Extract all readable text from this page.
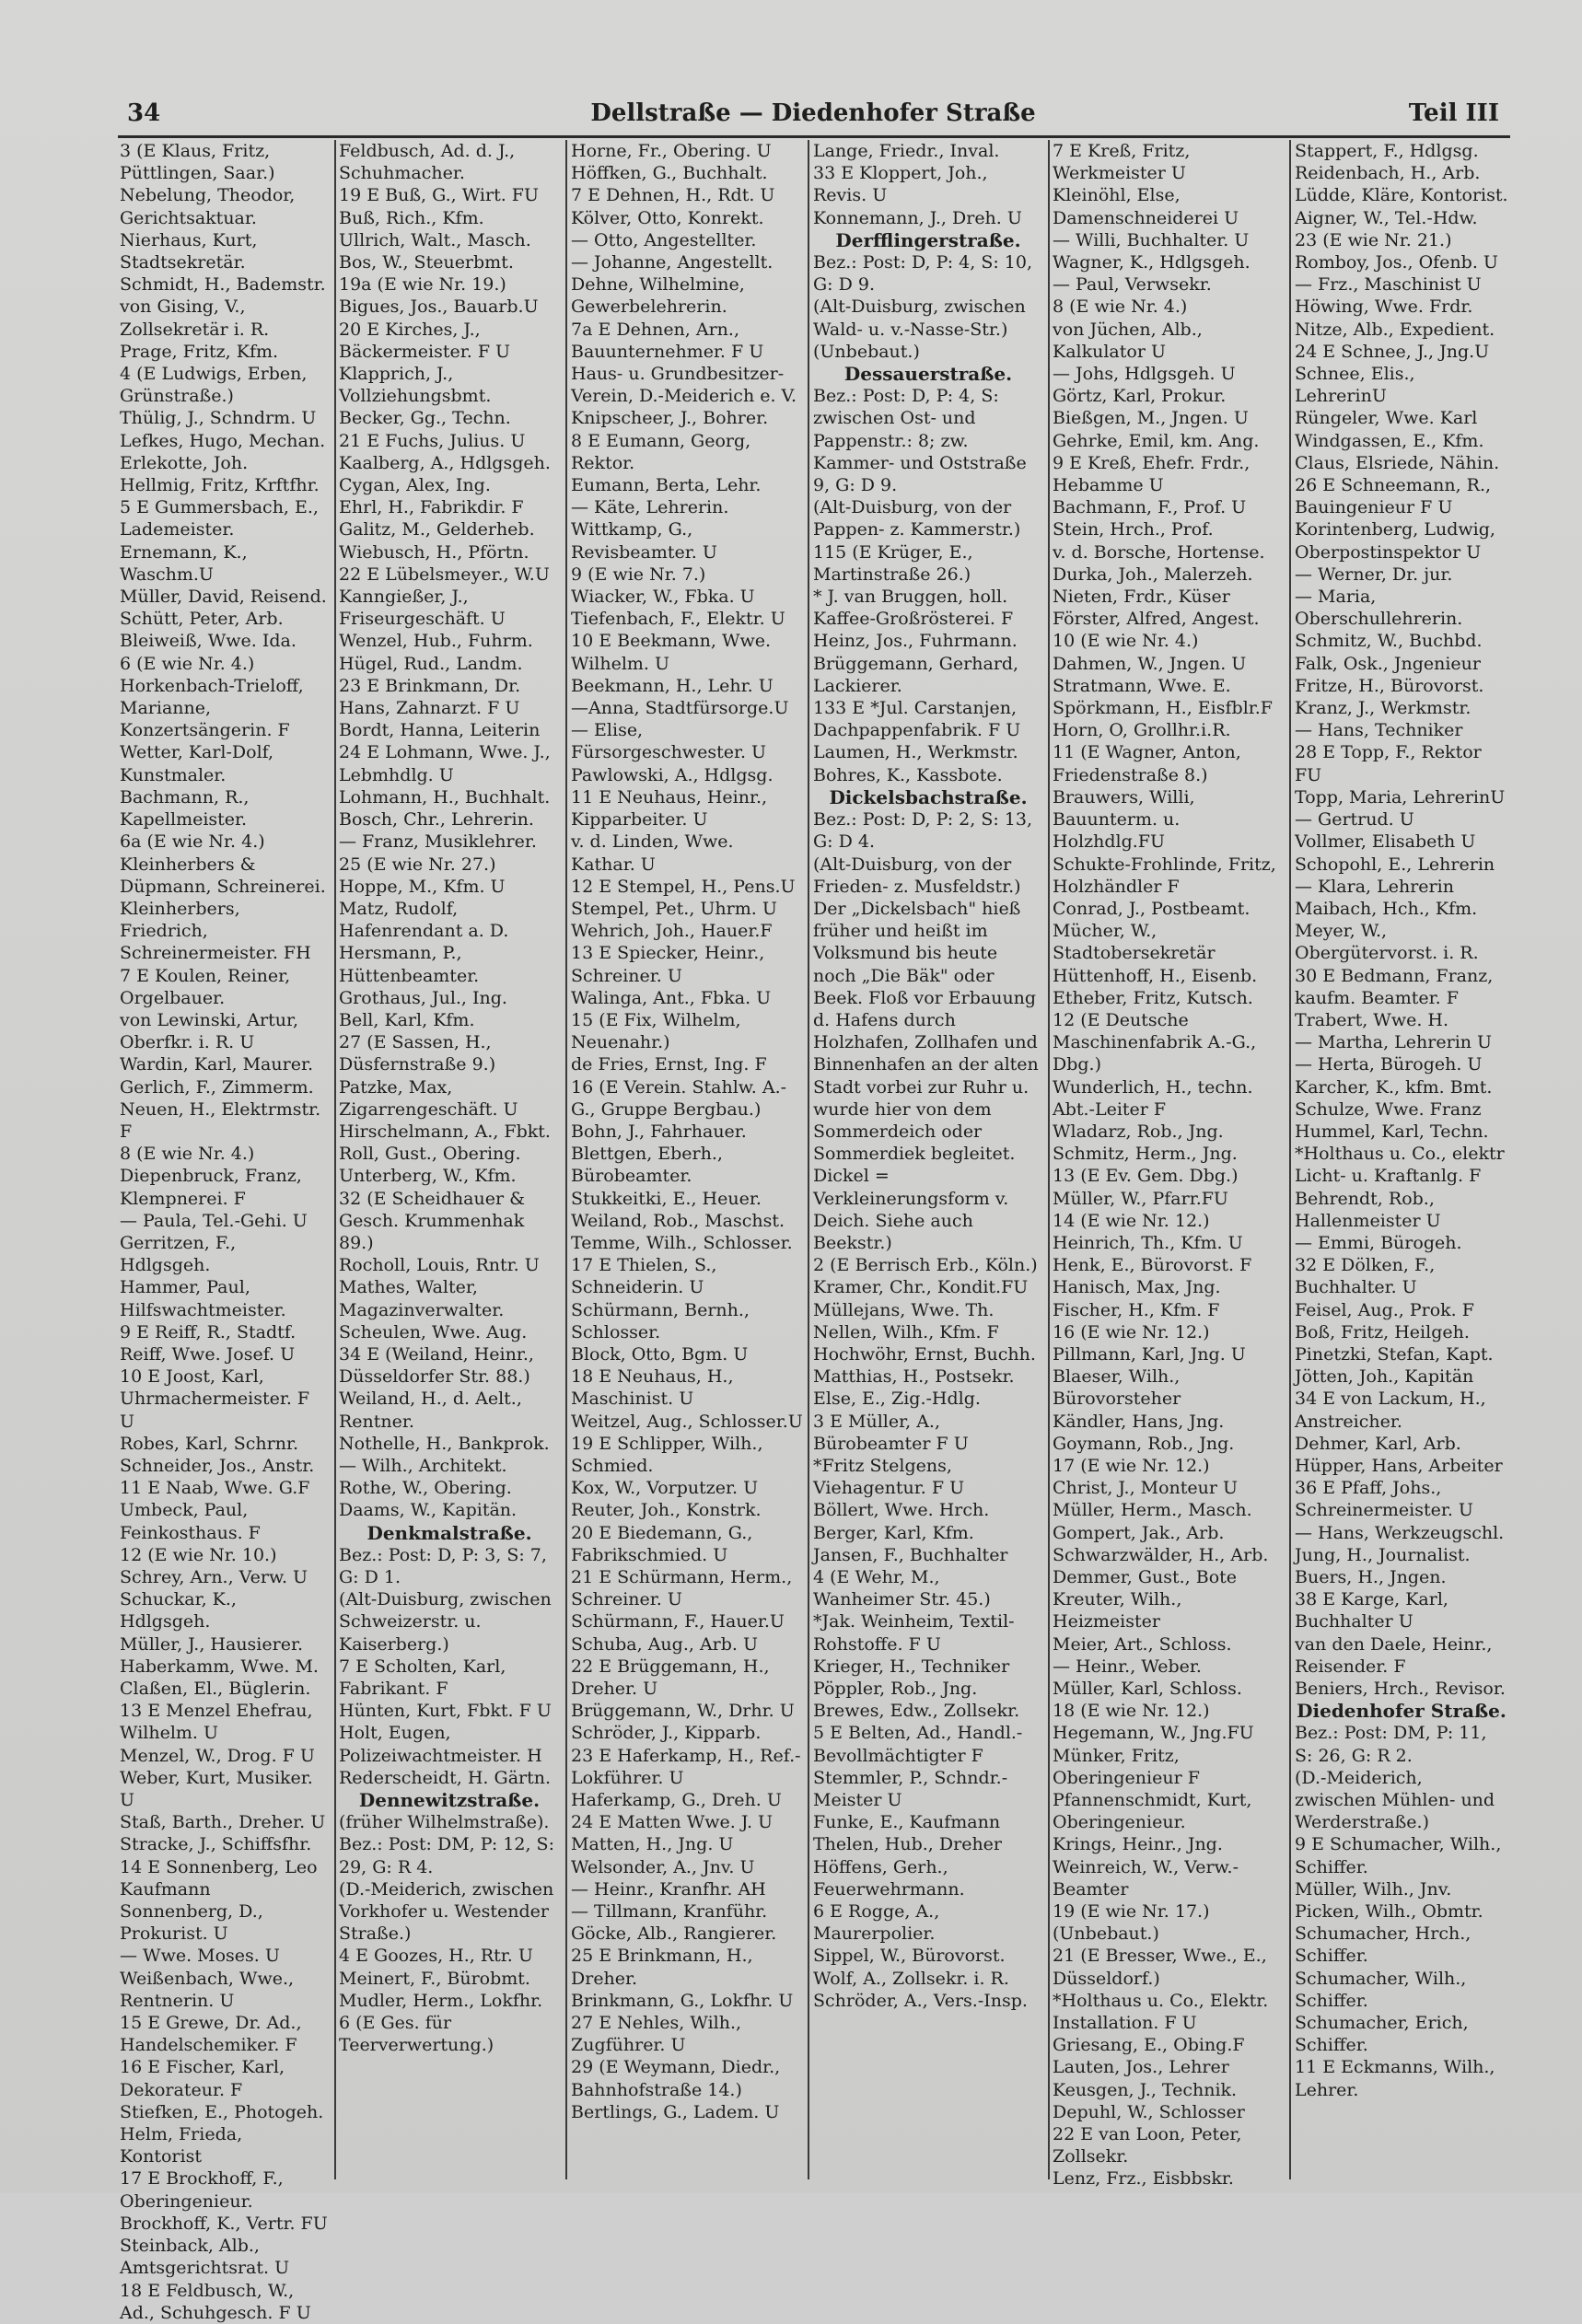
34	Dellstraße — Diedenhofer Straße	Teil III
3 (E Klaus, Fritz, Püttlingen, Saar.)
Nebelung, Theodor, Gerichtsaktuar.
Nierhaus, Kurt, Stadtsekretär.
Schmidt, H., Bademstr.
von Gising, V., Zollsekretär i. R.
Prage, Fritz, Kfm.
4 (E Ludwigs, Erben, Grünstraße.)
Thülig, J., Schndrm. U
Lefkes, Hugo, Mechan.
Erlekotte, Joh.
Hellmig, Fritz, Krftfhr.
5 E Gummersbach, E., Lademeister.
Ernemann, K., Waschm.U
Müller, David, Reisend.
Schütt, Peter, Arb.
Bleiweiß, Wwe. Ida.
6 (E wie Nr. 4.)
Horkenbach-Trieloff, Marianne, Konzertsängerin. F
Wetter, Karl-Dolf, Kunstmaler.
Bachmann, R., Kapellmeister.
6a (E wie Nr. 4.)
Kleinherbers & Düpmann, Schreinerei.
Kleinherbers, Friedrich, Schreinermeister. FH
7 E Koulen, Reiner, Orgelbauer.
von Lewinski, Artur, Oberfkr. i. R. U
Wardin, Karl, Maurer.
Gerlich, F., Zimmerm.
Neuen, H., Elektrmstr. F
8 (E wie Nr. 4.)
Diepenbruck, Franz, Klempnerei. F
— Paula, Tel.-Gehi. U
Gerritzen, F., Hdlgsgeh.
Hammer, Paul, Hilfswachtmeister.
9 E Reiff, R., Stadtf.
Reiff, Wwe. Josef. U
10 E Joost, Karl, Uhrmachermeister. F U
Robes, Karl, Schrnr.
Schneider, Jos., Anstr.
11 E Naab, Wwe. G.F
Umbeck, Paul, Feinkosthaus. F
12 (E wie Nr. 10.)
Schrey, Arn., Verw. U
Schuckar, K., Hdlgsgeh.
Müller, J., Hausierer.
Haberkamm, Wwe. M.
Claßen, El., Büglerin.
13 E Menzel Ehefrau, Wilhelm. U
Menzel, W., Drog. F U
Weber, Kurt, Musiker. U
Staß, Barth., Dreher. U
Stracke, J., Schiffsfhr.
14 E Sonnenberg, Leo Kaufmann
Sonnenberg, D., Prokurist. U
— Wwe. Moses. U
Weißenbach, Wwe., Rentnerin. U
15 E Grewe, Dr. Ad., Handelschemiker. F
16 E Fischer, Karl, Dekorateur. F
Stiefken, E., Photogeh.
Helm, Frieda, Kontorist
17 E Brockhoff, F., Oberingenieur.
Brockhoff, K., Vertr. FU
Steinback, Alb., Amtsgerichtsrat. U
18 E Feldbusch, W., Ad., Schuhgesch. F U
Feldbusch, Ad. d. J., Schuhmacher.
19 E Buß, G., Wirt. FU
Buß, Rich., Kfm.
Ullrich, Walt., Masch.
Bos, W., Steuerbmt.
19a (E wie Nr. 19.)
Bigues, Jos., Bauarb.U
20 E Kirches, J., Bäckermeister. F U
Klapprich, J., Vollziehungsbmt.
Becker, Gg., Techn.
21 E Fuchs, Julius. U
Kaalberg, A., Hdlgsgeh.
Cygan, Alex, Ing.
Ehrl, H., Fabrikdir. F
Galitz, M., Gelderheb.
Wiebusch, H., Pförtn.
22 E Lübelsmeyer., W.U
Kanngießer, J., Friseurgeschäft. U
Wenzel, Hub., Fuhrm.
Hügel, Rud., Landm.
23 E Brinkmann, Dr. Hans, Zahnarzt. F U
Bordt, Hanna, Leiterin
24 E Lohmann, Wwe. J., Lebmhdlg. U
Lohmann, H., Buchhalt.
Bosch, Chr., Lehrerin.
— Franz, Musiklehrer.
25 (E wie Nr. 27.)
Hoppe, M., Kfm. U
Matz, Rudolf, Hafenrendant a. D.
Hersmann, P., Hüttenbeamter.
Grothaus, Jul., Ing.
Bell, Karl, Kfm.
27 (E Sassen, H., Düsfernstraße 9.)
Patzke, Max, Zigarrengeschäft. U
Hirschelmann, A., Fbkt.
Roll, Gust., Obering.
Unterberg, W., Kfm.
32 (E Scheidhauer & Gesch. Krummenhak 89.)
Rocholl, Louis, Rntr. U
Mathes, Walter, Magazinverwalter.
Scheulen, Wwe. Aug.
34 E (Weiland, Heinr., Düsseldorfer Str. 88.)
Weiland, H., d. Aelt., Rentner.
Nothelle, H., Bankprok.
— Wilh., Architekt.
Rothe, W., Obering.
Daams, W., Kapitän.
Denkmalstraße.
Bez.: Post: D, P: 3, S: 7, G: D 1.
(Alt-Duisburg, zwischen Schweizerstr. u. Kaiserberg.)
7 E Scholten, Karl, Fabrikant. F
Hünten, Kurt, Fbkt. F U
Holt, Eugen, Polizeiwachtmeister. H
Rederscheidt, H. Gärtn.
Dennewitzstraße.
(früher Wilhelmstraße).
Bez.: Post: DM, P: 12, S: 29, G: R 4.
(D.-Meiderich, zwischen Vorkhofer u. Westender Straße.)
4 E Goozes, H., Rtr. U
Meinert, F., Bürobmt.
Mudler, Herm., Lokfhr.
6 (E Ges. für Teerverwertung.)
Horne, Fr., Obering. U
Höffken, G., Buchhalt.
7 E Dehnen, H., Rdt. U
Kölver, Otto, Konrekt.
— Otto, Angestellter.
— Johanne, Angestellt.
Dehne, Wilhelmine, Gewerbelehrerin.
7a E Dehnen, Arn., Bauunternehmer. F U
Haus- u. Grundbesitzer-Verein, D.-Meiderich e. V.
Knipscheer, J., Bohrer.
8 E Eumann, Georg, Rektor.
Eumann, Berta, Lehr.
— Käte, Lehrerin.
Wittkamp, G., Revisbeamter. U
9 (E wie Nr. 7.)
Wiacker, W., Fbka. U
Tiefenbach, F., Elektr. U
10 E Beekmann, Wwe. Wilhelm. U
Beekmann, H., Lehr. U
—Anna, Stadtfürsorge.U
— Elise, Fürsorgeschwester. U
Pawlowski, A., Hdlgsg.
11 E Neuhaus, Heinr., Kipparbeiter. U
v. d. Linden, Wwe. Kathar. U
12 E Stempel, H., Pens.U
Stempel, Pet., Uhrm. U
Wehrich, Joh., Hauer.F
13 E Spiecker, Heinr., Schreiner. U
Walinga, Ant., Fbka. U
15 (E Fix, Wilhelm, Neuenahr.)
de Fries, Ernst, Ing. F
16 (E Verein. Stahlw. A.-G., Gruppe Bergbau.)
Bohn, J., Fahrhauer.
Blettgen, Eberh., Bürobeamter.
Stukkeitki, E., Heuer.
Weiland, Rob., Maschst.
Temme, Wilh., Schlosser.
17 E Thielen, S., Schneiderin. U
Schürmann, Bernh., Schlosser.
Block, Otto, Bgm. U
18 E Neuhaus, H., Maschinist. U
Weitzel, Aug., Schlosser.U
19 E Schlipper, Wilh., Schmied.
Kox, W., Vorputzer. U
Reuter, Joh., Konstrk.
20 E Biedemann, G., Fabrikschmied. U
21 E Schürmann, Herm., Schreiner. U
Schürmann, F., Hauer.U
Schuba, Aug., Arb. U
22 E Brüggemann, H., Dreher. U
Brüggemann, W., Drhr. U
Schröder, J., Kipparb.
23 E Haferkamp, H., Ref.-Lokführer. U
Haferkamp, G., Dreh. U
24 E Matten Wwe. J. U
Matten, H., Jng. U
Welsonder, A., Jnv. U
— Heinr., Kranfhr. AH
— Tillmann, Kranführ.
Göcke, Alb., Rangierer.
25 E Brinkmann, H., Dreher.
Brinkmann, G., Lokfhr. U
27 E Nehles, Wilh., Zugführer. U
29 (E Weymann, Diedr., Bahnhofstraße 14.)
Bertlings, G., Ladem. U
Lange, Friedr., Inval.
33 E Kloppert, Joh., Revis. U
Konnemann, J., Dreh. U
Derfflingerstraße.
Bez.: Post: D, P: 4, S: 10, G: D 9.
(Alt-Duisburg, zwischen Wald- u. v.-Nasse-Str.)
(Unbebaut.)
Dessauerstraße.
Bez.: Post: D, P: 4, S: zwischen Ost- und Pappenstr.: 8; zw. Kammer- und Oststraße 9, G: D 9.
(Alt-Duisburg, von der Pappen- z. Kammerstr.)
115 (E Krüger, E., Martinstraße 26.)
* J. van Bruggen, holl. Kaffee-Großrösterei. F
Heinz, Jos., Fuhrmann.
Brüggemann, Gerhard, Lackierer.
133 E *Jul. Carstanjen, Dachpappenfabrik. F U
Laumen, H., Werkmstr.
Bohres, K., Kassbote.
Dickelsbachstraße.
Bez.: Post: D, P: 2, S: 13, G: D 4.
(Alt-Duisburg, von der Frieden- z. Musfeldstr.)
Der „Dickelsbach" hieß früher und heißt im Volksmund bis heute noch „Die Bäk" oder Beek. Floß vor Erbauung d. Hafens durch Holzhafen, Zollhafen und Binnenhafen an der alten Stadt vorbei zur Ruhr u. wurde hier von dem Sommerdeich oder Sommerdiek begleitet. Dickel = Verkleinerungsform v. Deich. Siehe auch Beekstr.)
2 (E Berrisch Erb., Köln.)
Kramer, Chr., Kondit.FU
Müllejans, Wwe. Th.
Nellen, Wilh., Kfm. F
Hochwöhr, Ernst, Buchh.
Matthias, H., Postsekr.
Else, E., Zig.-Hdlg.
3 E Müller, A., Bürobeamter F U
*Fritz Stelgens, Viehagentur. F U
Böllert, Wwe. Hrch.
Berger, Karl, Kfm.
Jansen, F., Buchhalter
4 (E Wehr, M., Wanheimer Str. 45.)
*Jak. Weinheim, Textil-Rohstoffe. F U
Krieger, H., Techniker
Pöppler, Rob., Jng.
Brewes, Edw., Zollsekr.
5 E Belten, Ad., Handl.-Bevollmächtigter F
Stemmler, P., Schndr.-Meister U
Funke, E., Kaufmann
Thelen, Hub., Dreher
Höffens, Gerh., Feuerwehrmann.
6 E Rogge, A., Maurerpolier.
Sippel, W., Bürovorst.
Wolf, A., Zollsekr. i. R.
Schröder, A., Vers.-Insp.
7 E Kreß, Fritz, Werkmeister U
Kleinöhl, Else, Damenschneiderei U
— Willi, Buchhalter. U
Wagner, K., Hdlgsgeh.
— Paul, Verwsekr.
8 (E wie Nr. 4.)
von Jüchen, Alb., Kalkulator U
— Johs, Hdlgsgeh. U
Görtz, Karl, Prokur.
Bießgen, M., Jngen. U
Gehrke, Emil, km. Ang.
9 E Kreß, Ehefr. Frdr., Hebamme U
Bachmann, F., Prof. U
Stein, Hrch., Prof.
v. d. Borsche, Hortense.
Durka, Joh., Malerzeh.
Nieten, Frdr., Küser
Förster, Alfred, Angest.
10 (E wie Nr. 4.)
Dahmen, W., Jngen. U
Stratmann, Wwe. E.
Spörkmann, H., Eisfblr.F
Horn, O, Grollhr.i.R.
11 (E Wagner, Anton, Friedenstraße 8.)
Brauwers, Willi, Bauunterm. u. Holzhdlg.FU
Schukte-Frohlinde, Fritz, Holzhändler F
Conrad, J., Postbeamt.
Mücher, W., Stadtobersekretär
Hüttenhoff, H., Eisenb.
Etheber, Fritz, Kutsch.
12 (E Deutsche Maschinenfabrik A.-G., Dbg.)
Wunderlich, H., techn. Abt.-Leiter F
Wladarz, Rob., Jng.
Schmitz, Herm., Jng.
13 (E Ev. Gem. Dbg.)
Müller, W., Pfarr.FU
14 (E wie Nr. 12.)
Heinrich, Th., Kfm. U
Henk, E., Bürovorst. F
Hanisch, Max, Jng.
Fischer, H., Kfm. F
16 (E wie Nr. 12.)
Pillmann, Karl, Jng. U
Blaeser, Wilh., Bürovorsteher
Kändler, Hans, Jng.
Goymann, Rob., Jng.
17 (E wie Nr. 12.)
Christ, J., Monteur U
Müller, Herm., Masch.
Gompert, Jak., Arb.
Schwarzwälder, H., Arb.
Demmer, Gust., Bote
Kreuter, Wilh., Heizmeister
Meier, Art., Schloss.
— Heinr., Weber.
Müller, Karl, Schloss.
18 (E wie Nr. 12.)
Hegemann, W., Jng.FU
Münker, Fritz, Oberingenieur F
Pfannenschmidt, Kurt, Oberingenieur.
Krings, Heinr., Jng.
Weinreich, W., Verw.-Beamter
19 (E wie Nr. 17.)
(Unbebaut.)
21 (E Bresser, Wwe., E., Düsseldorf.)
*Holthaus u. Co., Elektr. Installation. F U
Griesang, E., Obing.F
Lauten, Jos., Lehrer
Keusgen, J., Technik.
Depuhl, W., Schlosser
22 E van Loon, Peter, Zollsekr.
Lenz, Frz., Eisbbskr.
Stappert, F., Hdlgsg.
Reidenbach, H., Arb.
Lüdde, Kläre, Kontorist.
Aigner, W., Tel.-Hdw.
23 (E wie Nr. 21.)
Romboy, Jos., Ofenb. U
— Frz., Maschinist U
Höwing, Wwe. Frdr.
Nitze, Alb., Expedient.
24 E Schnee, J., Jng.U
Schnee, Elis., LehrerinU
Rüngeler, Wwe. Karl
Windgassen, E., Kfm.
Claus, Elsriede, Nähin.
26 E Schneemann, R., Bauingenieur F U
Korintenberg, Ludwig, Oberpostinspektor U
— Werner, Dr. jur.
— Maria, Oberschullehrerin.
Schmitz, W., Buchbd.
Falk, Osk., Jngenieur
Fritze, H., Bürovorst.
Kranz, J., Werkmstr.
— Hans, Techniker
28 E Topp, F., Rektor FU
Topp, Maria, LehrerinU
— Gertrud. U
Vollmer, Elisabeth U
Schopohl, E., Lehrerin
— Klara, Lehrerin
Maibach, Hch., Kfm.
Meyer, W., Obergütervorst. i. R.
30 E Bedmann, Franz, kaufm. Beamter. F
Trabert, Wwe. H.
— Martha, Lehrerin U
— Herta, Bürogeh. U
Karcher, K., kfm. Bmt.
Schulze, Wwe. Franz
Hummel, Karl, Techn.
*Holthaus u. Co., elektr Licht- u. Kraftanlg. F
Behrendt, Rob., Hallenmeister U
— Emmi, Bürogeh.
32 E Dölken, F., Buchhalter. U
Feisel, Aug., Prok. F
Boß, Fritz, Heilgeh.
Pinetzki, Stefan, Kapt.
Jötten, Joh., Kapitän
34 E von Lackum, H., Anstreicher.
Dehmer, Karl, Arb.
Hüpper, Hans, Arbeiter
36 E Pfaff, Johs., Schreinermeister. U
— Hans, Werkzeugschl.
Jung, H., Journalist.
Buers, H., Jngen.
38 E Karge, Karl, Buchhalter U
van den Daele, Heinr., Reisender. F
Beniers, Hrch., Revisor.
Diedenhofer Straße.
Bez.: Post: DM, P: 11, S: 26, G: R 2.
(D.-Meiderich, zwischen Mühlen- und Werderstraße.)
9 E Schumacher, Wilh., Schiffer.
Müller, Wilh., Jnv.
Picken, Wilh., Obmtr.
Schumacher, Hrch., Schiffer.
Schumacher, Wilh., Schiffer.
Schumacher, Erich, Schiffer.
11 E Eckmanns, Wilh., Lehrer.
